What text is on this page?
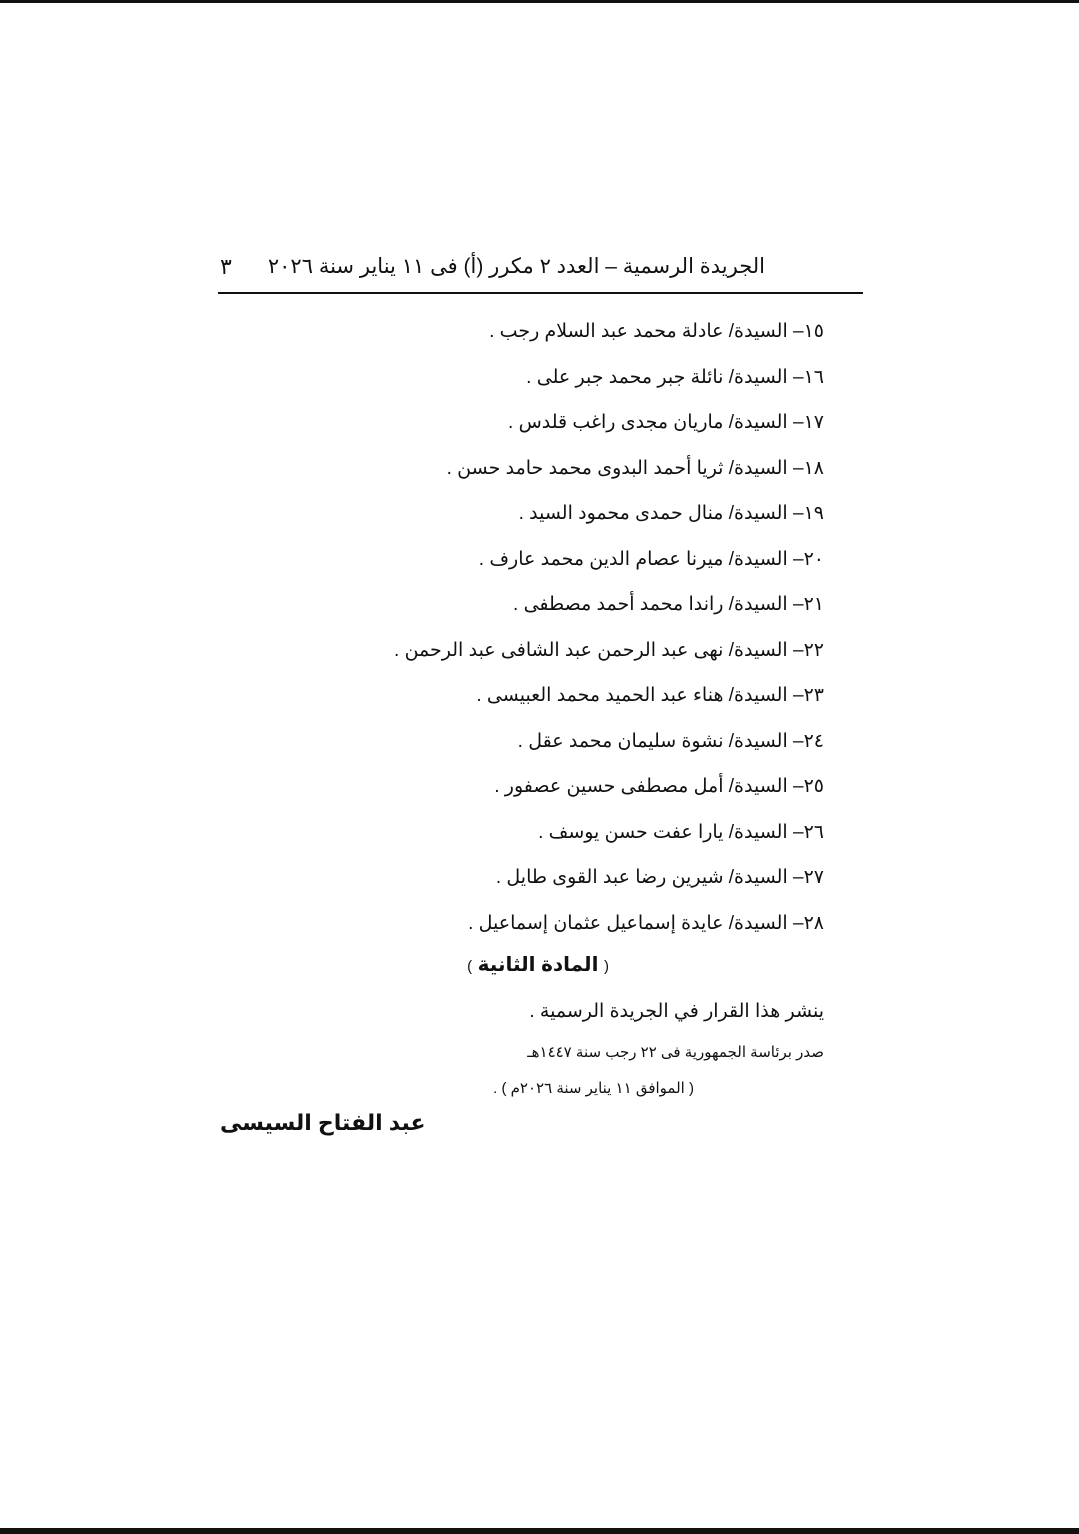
الجريدة الرسمية – العدد ٢ مكرر (أ) فى ١١ يناير سنة ٢٠٢٦
٣
١٥– السيدة/ عادلة محمد عبد السلام رجب .
١٦– السيدة/ نائلة جبر محمد جبر على .
١٧– السيدة/ ماريان مجدى راغب قلدس .
١٨– السيدة/ ثريا أحمد البدوى محمد حامد حسن .
١٩– السيدة/ منال حمدى محمود السيد .
٢٠– السيدة/ ميرنا عصام الدين محمد عارف .
٢١– السيدة/ راندا محمد أحمد مصطفى .
٢٢– السيدة/ نهى عبد الرحمن عبد الشافى عبد الرحمن .
٢٣– السيدة/ هناء عبد الحميد محمد العبيسى .
٢٤– السيدة/ نشوة سليمان محمد عقل .
٢٥– السيدة/ أمل مصطفى حسين عصفور .
٢٦– السيدة/ يارا عفت حسن يوسف .
٢٧– السيدة/ شيرين رضا عبد القوى طايل .
٢٨– السيدة/ عايدة إسماعيل عثمان إسماعيل .
( المادة الثانية )
ينشر هذا القرار في الجريدة الرسمية .
صدر برئاسة الجمهورية فى ٢٢ رجب سنة ١٤٤٧هـ
( الموافق ١١ يناير سنة ٢٠٢٦م ) .
عبد الفتاح السيسى
